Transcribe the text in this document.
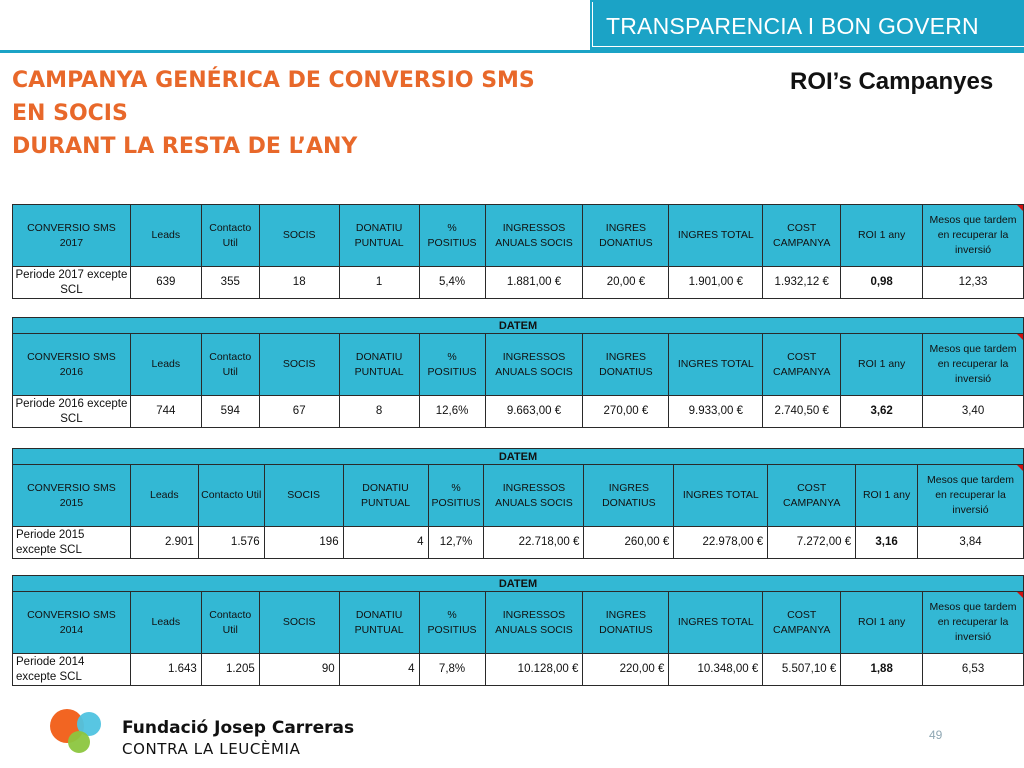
TRANSPARENCIA I BON GOVERN
CAMPANYA GENÉRICA DE CONVERSIO SMS
EN SOCIS
DURANT LA RESTA DE L’ANY
ROI’s Campanyes
CONVERSIO SMS 2017	Leads	Contacto Util	SOCIS	DONATIU PUNTUAL	% POSITIUS	INGRESSOS ANUALS SOCIS	INGRES DONATIUS	INGRES TOTAL	COST CAMPANYA	ROI 1 any	Mesos que tardem en recuperar la inversió
Periode 2017 excepte SCL	639	355	18	1	5,4%	1.881,00 €	20,00 €	1.901,00 €	1.932,12 €	0,98	12,33
DATEM											
CONVERSIO SMS 2016	Leads	Contacto Util	SOCIS	DONATIU PUNTUAL	% POSITIUS	INGRESSOS ANUALS SOCIS	INGRES DONATIUS	INGRES TOTAL	COST CAMPANYA	ROI 1 any	Mesos que tardem en recuperar la inversió
Periode 2016 excepte SCL	744	594	67	8	12,6%	9.663,00 €	270,00 €	9.933,00 €	2.740,50 €	3,62	3,40
DATEM											
CONVERSIO SMS 2015	Leads	Contacto Util	SOCIS	DONATIU PUNTUAL	% POSITIUS	INGRESSOS ANUALS SOCIS	INGRES DONATIUS	INGRES TOTAL	COST CAMPANYA	ROI 1 any	Mesos que tardem en recuperar la inversió
Periode 2015 excepte SCL	2.901	1.576	196	4	12,7%	22.718,00 €	260,00 €	22.978,00 €	7.272,00 €	3,16	3,84
DATEM											
CONVERSIO SMS 2014	Leads	Contacto Util	SOCIS	DONATIU PUNTUAL	% POSITIUS	INGRESSOS ANUALS SOCIS	INGRES DONATIUS	INGRES TOTAL	COST CAMPANYA	ROI 1 any	Mesos que tardem en recuperar la inversió
Periode 2014 excepte SCL	1.643	1.205	90	4	7,8%	10.128,00 €	220,00 €	10.348,00 €	5.507,10 €	1,88	6,53
Fundació Josep Carreras
CONTRA LA LEUCÈMIA
49
